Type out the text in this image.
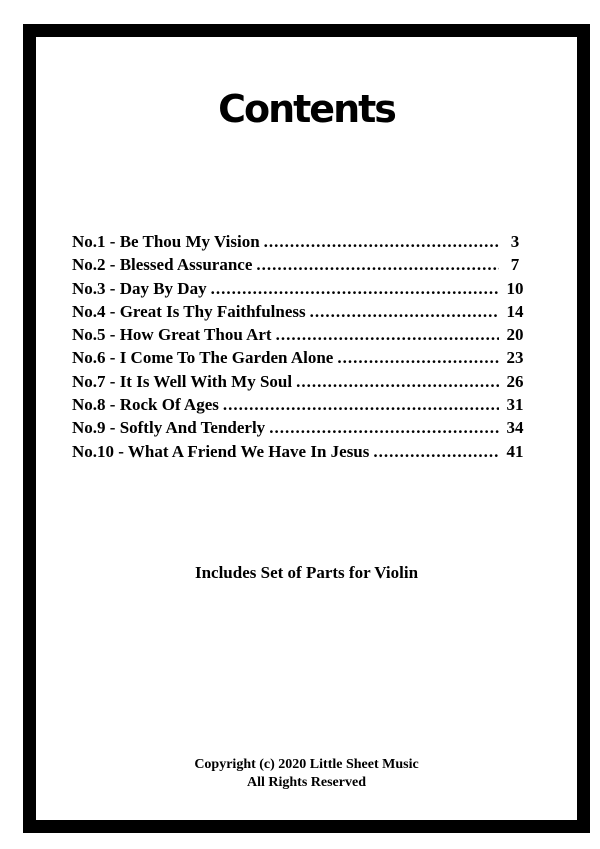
Contents
No.1 - Be Thou My Vision .....	3
No.2 - Blessed Assurance .....	7
No.3 - Day By Day .....	10
No.4 - Great Is Thy Faithfulness .....	14
No.5 - How Great Thou Art .....	20
No.6 - I Come To The Garden Alone .....	23
No.7 - It Is Well With My Soul .....	26
No.8 - Rock Of Ages .....	31
No.9 - Softly And Tenderly .....	34
No.10 - What A Friend We Have In Jesus .....	41
Includes Set of Parts for Violin
Copyright (c) 2020 Little Sheet Music
All Rights Reserved
